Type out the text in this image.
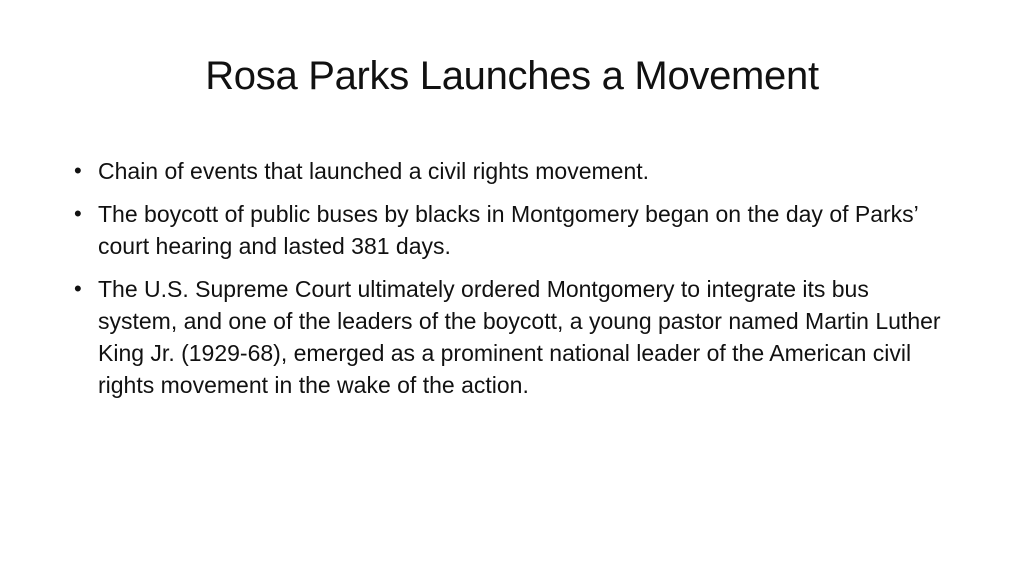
Rosa Parks Launches a Movement
• Chain of events that launched a civil rights movement.
• The boycott of public buses by blacks in Montgomery began on the day of Parks’ court hearing and lasted 381 days.
• The U.S. Supreme Court ultimately ordered Montgomery to integrate its bus system, and one of the leaders of the boycott, a young pastor named Martin Luther King Jr. (1929-68), emerged as a prominent national leader of the American civil rights movement in the wake of the action.
